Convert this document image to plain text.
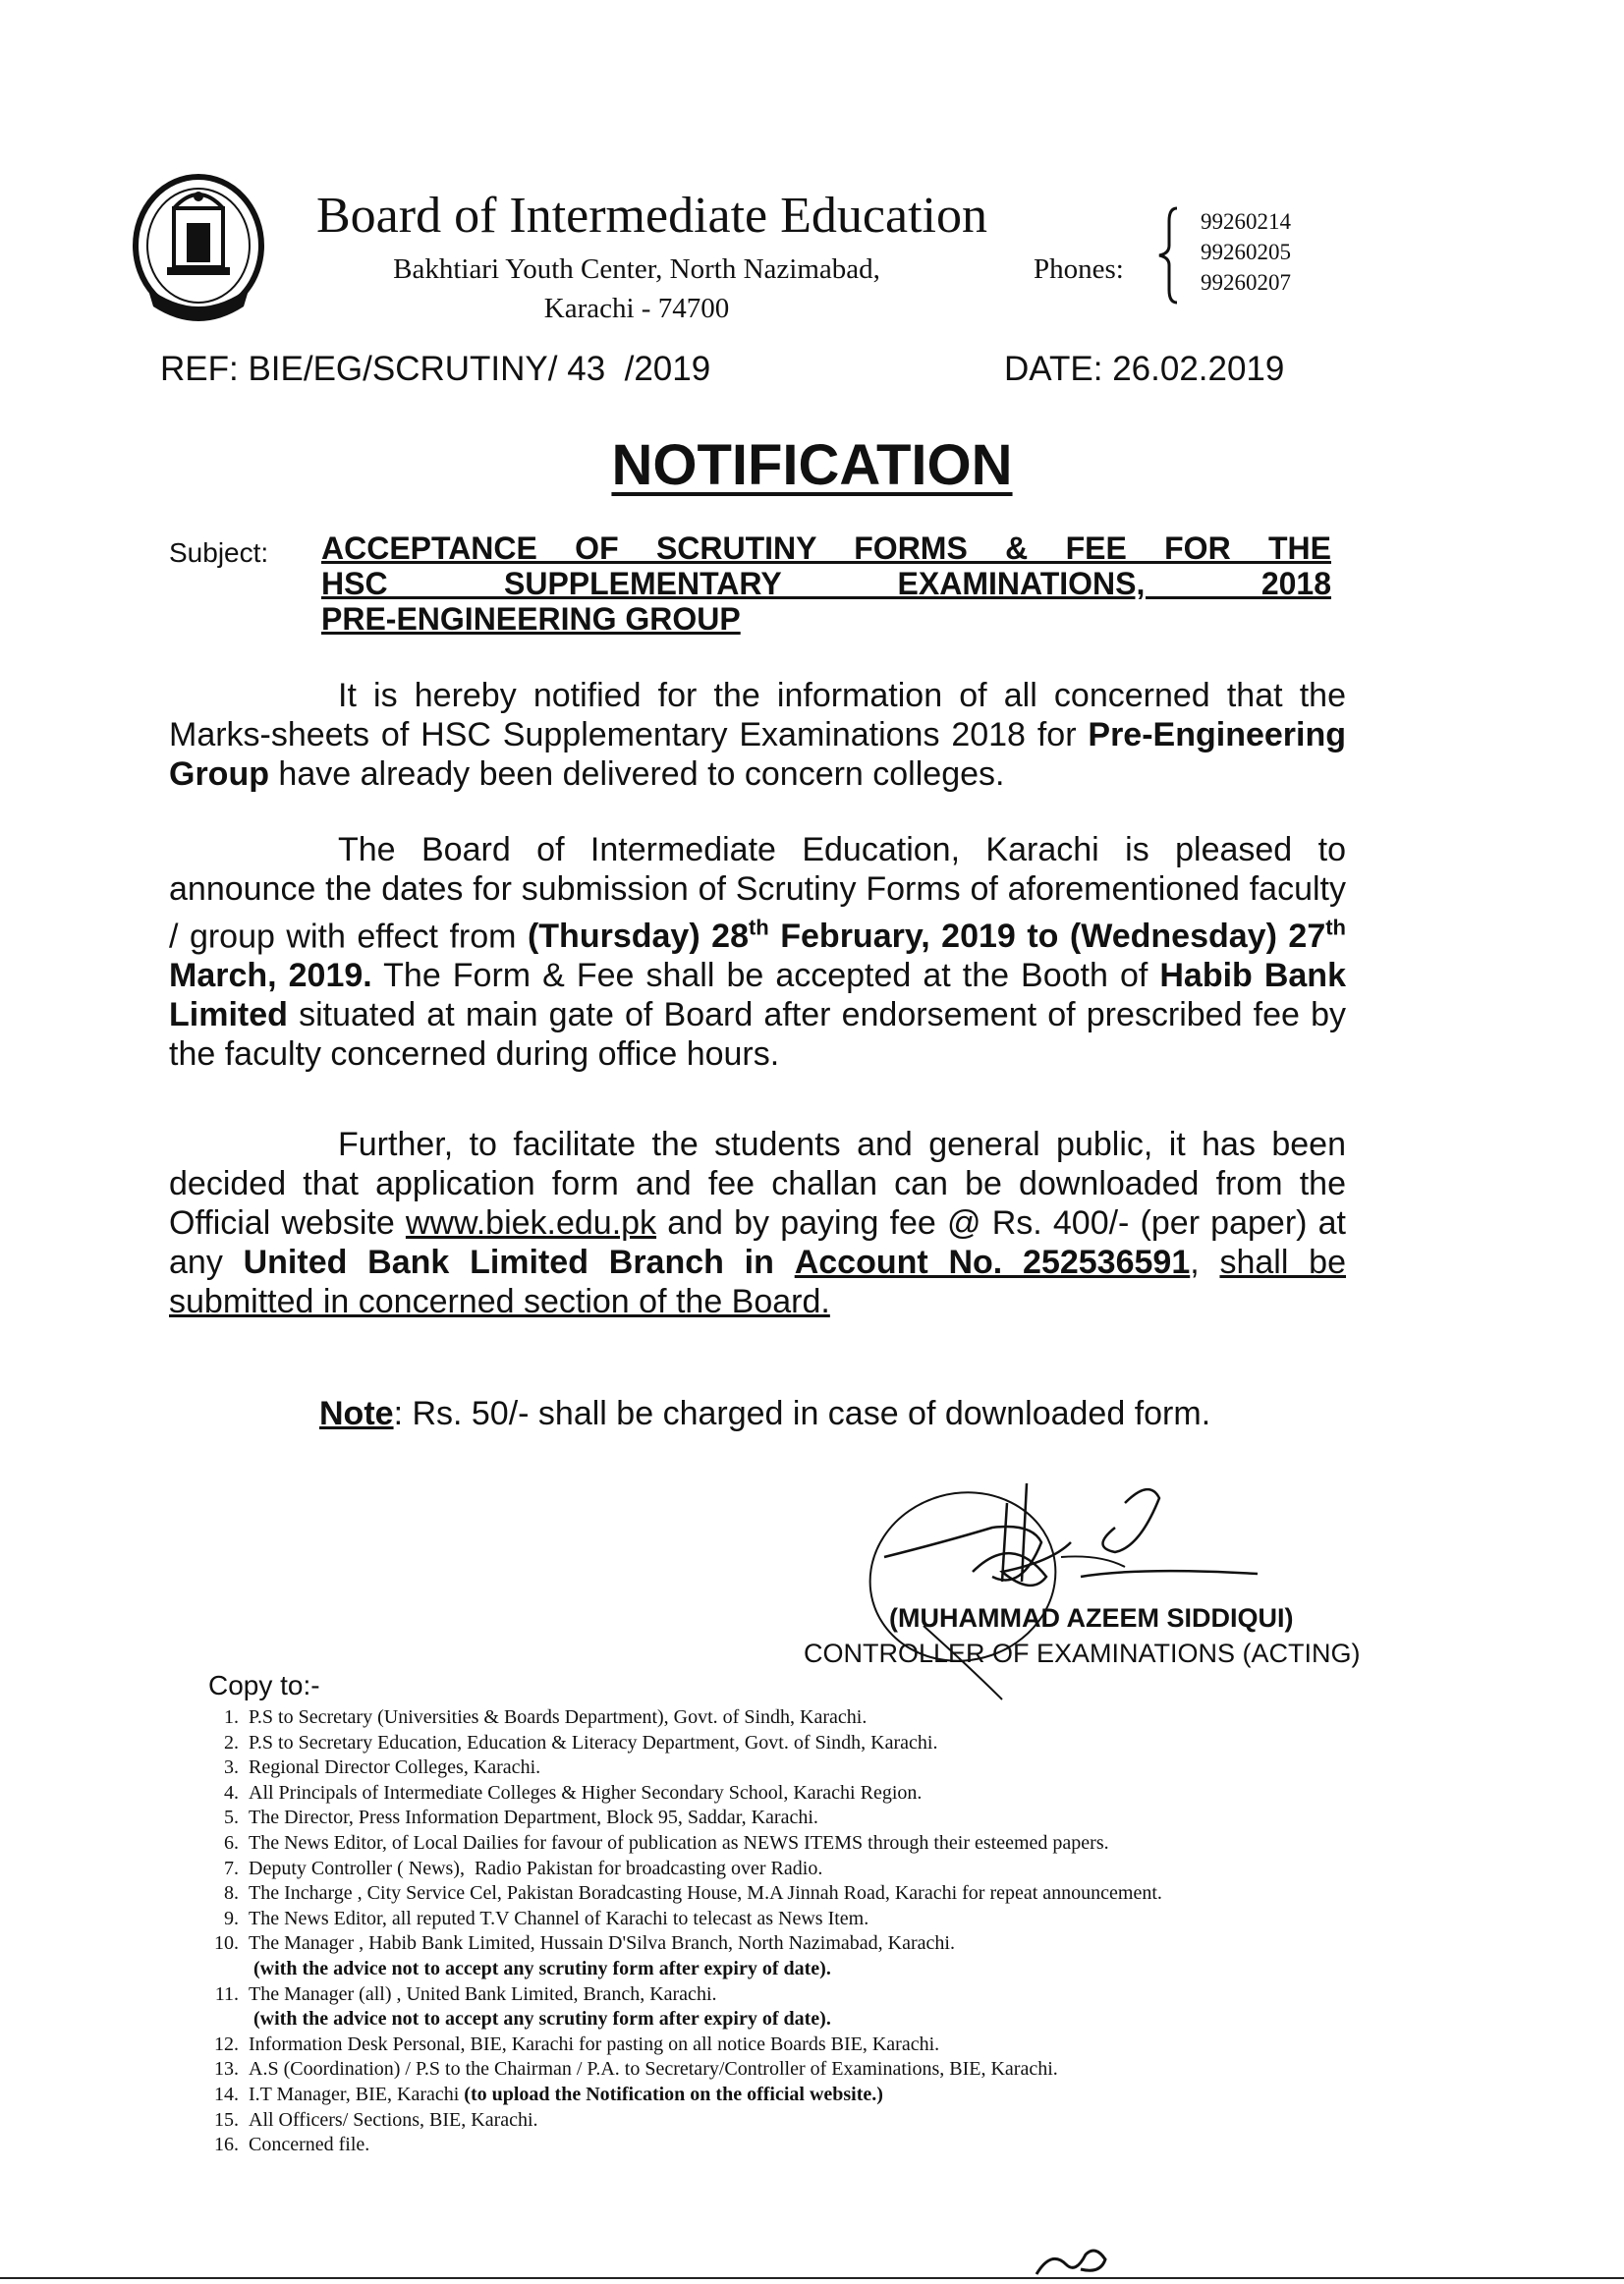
Board of Intermediate Education
Bakhtiari Youth Center, North Nazimabad,
Karachi - 74700
Phones:
99260214
99260205
99260207
REF: BIE/EG/SCRUTINY/ 43  /2019	DATE: 26.02.2019
NOTIFICATION
Subject: ACCEPTANCE OF SCRUTINY FORMS & FEE FOR THE
HSC SUPPLEMENTARY EXAMINATIONS, 2018
PRE-ENGINEERING GROUP
It is hereby notified for the information of all concerned that the Marks-sheets of HSC Supplementary Examinations 2018 for Pre-Engineering Group have already been delivered to concern colleges.
The Board of Intermediate Education, Karachi is pleased to announce the dates for submission of Scrutiny Forms of aforementioned faculty / group with effect from (Thursday) 28th February, 2019 to (Wednesday) 27th March, 2019. The Form & Fee shall be accepted at the Booth of Habib Bank Limited situated at main gate of Board after endorsement of prescribed fee by the faculty concerned during office hours.
Further, to facilitate the students and general public, it has been decided that application form and fee challan can be downloaded from the Official website www.biek.edu.pk and by paying fee @ Rs. 400/- (per paper) at any United Bank Limited Branch in Account No. 252536591, shall be submitted in concerned section of the Board.
Note: Rs. 50/- shall be charged in case of downloaded form.
(MUHAMMAD AZEEM SIDDIQUI)
CONTROLLER OF EXAMINATIONS (ACTING)
Copy to:-
1. P.S to Secretary (Universities & Boards Department), Govt. of Sindh, Karachi.
2. P.S to Secretary Education, Education & Literacy Department, Govt. of Sindh, Karachi.
3. Regional Director Colleges, Karachi.
4. All Principals of Intermediate Colleges & Higher Secondary School, Karachi Region.
5. The Director, Press Information Department, Block 95, Saddar, Karachi.
6. The News Editor, of Local Dailies for favour of publication as NEWS ITEMS through their esteemed papers.
7. Deputy Controller ( News),  Radio Pakistan for broadcasting over Radio.
8. The Incharge , City Service Cel, Pakistan Boradcasting House, M.A Jinnah Road, Karachi for repeat announcement.
9. The News Editor, all reputed T.V Channel of Karachi to telecast as News Item.
10. The Manager , Habib Bank Limited, Hussain D'Silva Branch, North Nazimabad, Karachi.
(with the advice not to accept any scrutiny form after expiry of date).
11. The Manager (all) , United Bank Limited, Branch, Karachi.
(with the advice not to accept any scrutiny form after expiry of date).
12. Information Desk Personal, BIE, Karachi for pasting on all notice Boards BIE, Karachi.
13. A.S (Coordination) / P.S to the Chairman / P.A. to Secretary/Controller of Examinations, BIE, Karachi.
14. I.T Manager, BIE, Karachi (to upload the Notification on the official website.)
15. All Officers/ Sections, BIE, Karachi.
16. Concerned file.
